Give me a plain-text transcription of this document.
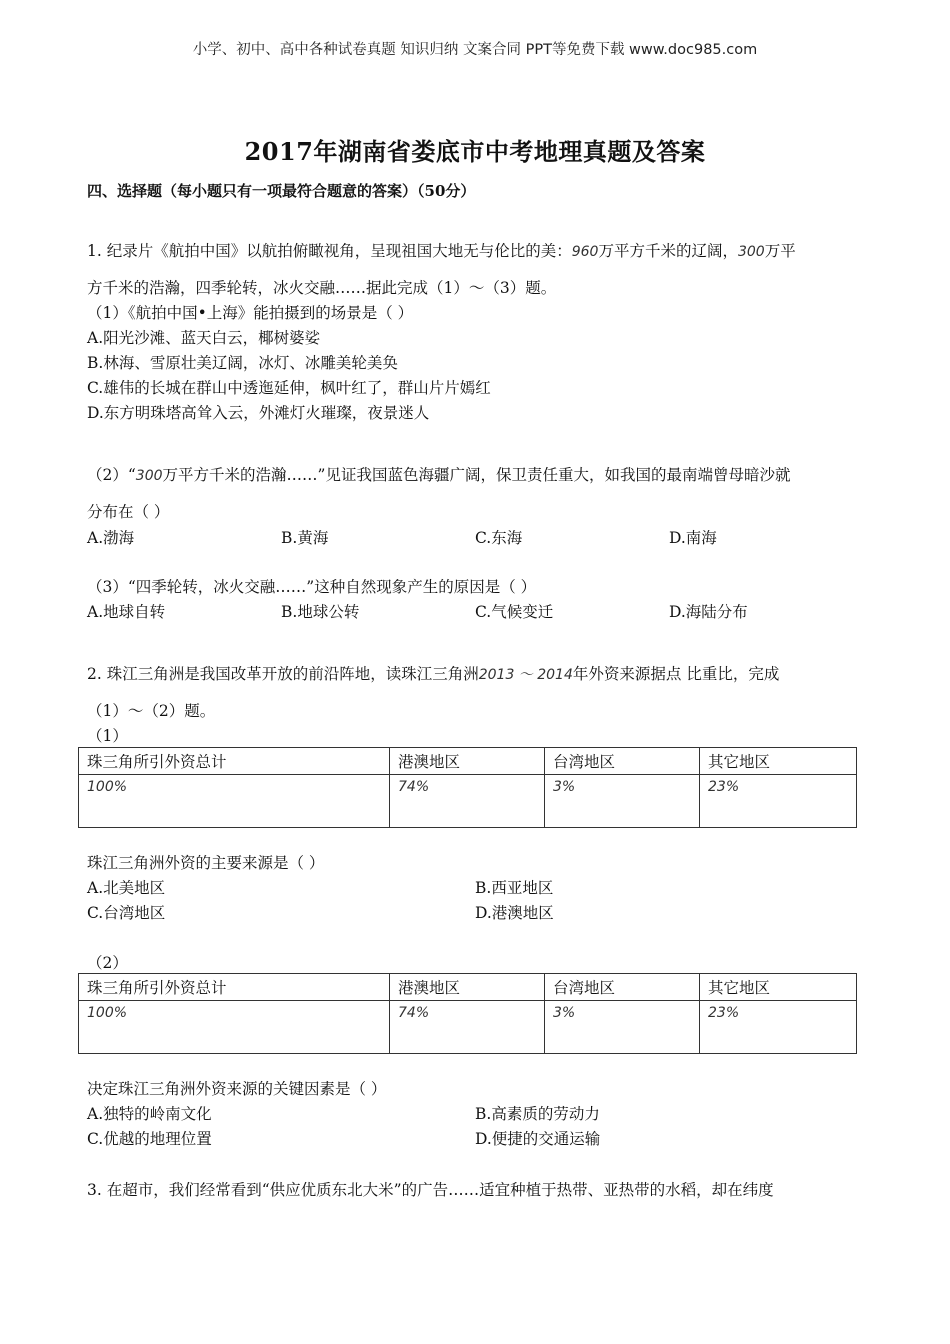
小学、初中、高中各种试卷真题 知识归纳 文案合同 PPT等免费下载 www.doc985.com
2017年湖南省娄底市中考地理真题及答案
四、选择题（每小题只有一项最符合题意的答案）（50分）
1. 纪录片《航拍中国》以航拍俯瞰视角，呈现祖国大地无与伦比的美：960万平方千米的辽阔，300万平
方千米的浩瀚，四季轮转，冰火交融……据此完成（1）～（3）题。
（1）《航拍中国•上海》能拍摄到的场景是（ ）
A.阳光沙滩、蓝天白云，椰树婆娑
B.林海、雪原壮美辽阔，冰灯、冰雕美轮美奂
C.雄伟的长城在群山中透迤延伸，枫叶红了，群山片片嫣红
D.东方明珠塔高耸入云，外滩灯火璀璨，夜景迷人
（2）“300万平方千米的浩瀚……”见证我国蓝色海疆广阔，保卫责任重大，如我国的最南端曾母暗沙就
分布在（ ）
A.渤海	B.黄海	C.东海	D.南海
（3）“四季轮转，冰火交融……”这种自然现象产生的原因是（ ）
A.地球自转	B.地球公转	C.气候变迁	D.海陆分布
2. 珠江三角洲是我国改革开放的前沿阵地，读珠江三角洲2013 ～ 2014年外资来源据点 比重比，完成
（1）～（2）题。
（1）
珠三角所引外资总计	港澳地区	台湾地区	其它地区
100%	74%	3%	23%
珠江三角洲外资的主要来源是（ ）
A.北美地区	B.西亚地区
C.台湾地区	D.港澳地区
（2）
珠三角所引外资总计	港澳地区	台湾地区	其它地区
100%	74%	3%	23%
决定珠江三角洲外资来源的关键因素是（ ）
A.独特的岭南文化	B.高素质的劳动力
C.优越的地理位置	D.便捷的交通运输
3. 在超市，我们经常看到“供应优质东北大米”的广告……适宜种植于热带、亚热带的水稻，却在纬度
